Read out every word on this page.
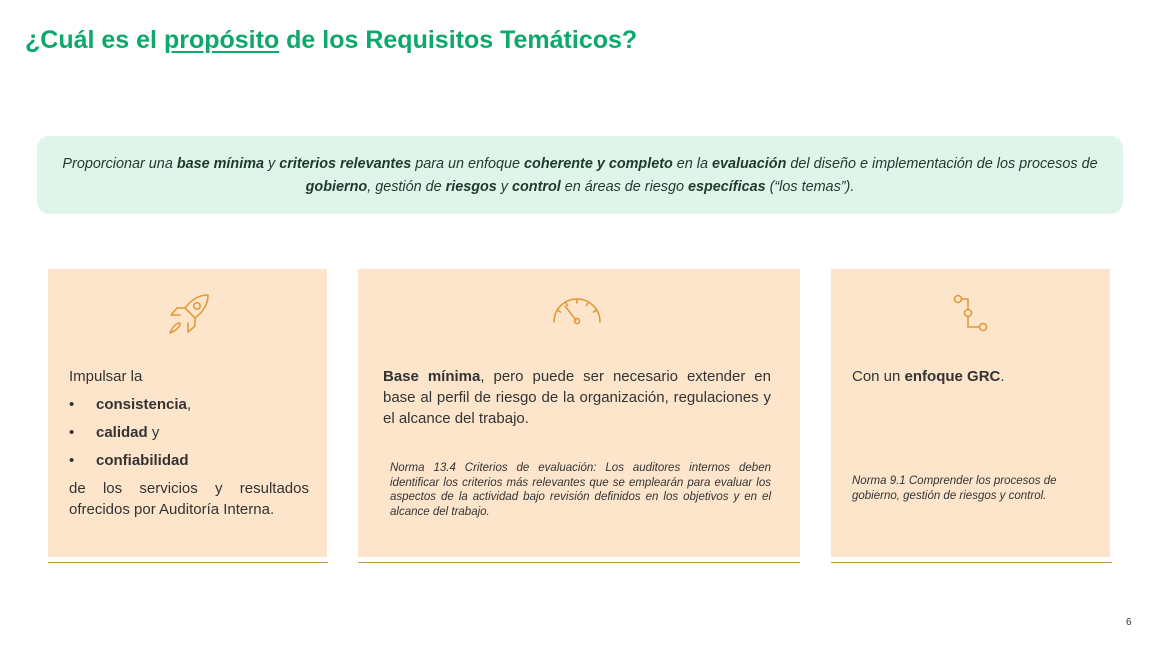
¿Cuál es el propósito de los Requisitos Temáticos?
Proporcionar una base mínima y criterios relevantes para un enfoque coherente y completo en la evaluación del diseño e implementación de los procesos de gobierno, gestión de riesgos y control en áreas de riesgo específicas (“los temas”).

Impulsar la

• consistencia,
• calidad y
• confiabilidad

de los servicios y resultados ofrecidos por Auditoría Interna.

Base mínima, pero puede ser necesario extender en base al perfil de riesgo de la organización, regulaciones y el alcance del trabajo.

Norma 13.4 Criterios de evaluación: Los auditores internos deben identificar los criterios más relevantes que se emplearán para evaluar los aspectos de la actividad bajo revisión definidos en los objetivos y en el alcance del trabajo.

Con un enfoque GRC.

Norma 9.1 Comprender los procesos de gobierno, gestión de riesgos y control.

6
